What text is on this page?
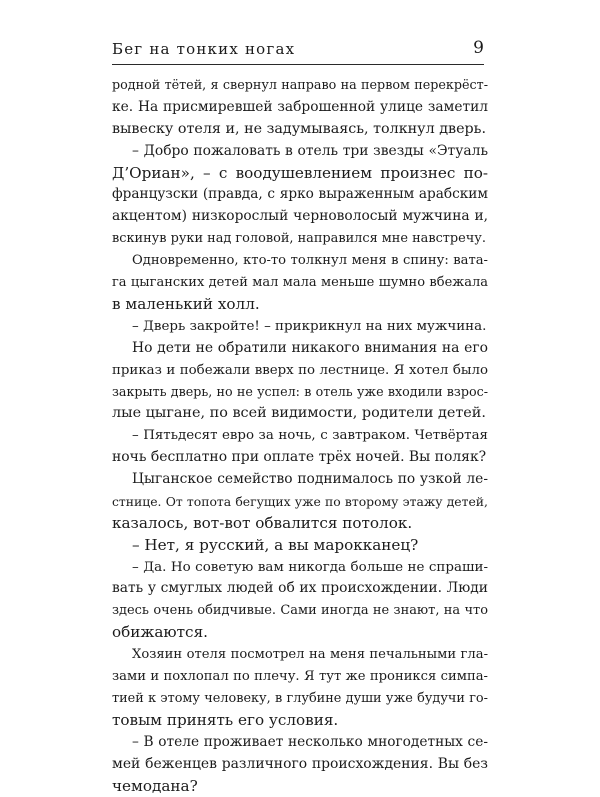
Бег на тонких ногах	9
родной тётей, я свернул направо на первом перекрёст-
ке. На присмиревшей заброшенной улице заметил
вывеску отеля и, не задумываясь, толкнул дверь.
– Добро пожаловать в отель три звезды «Этуаль
Д’Ориан», – с воодушевлением произнес по-
французски (правда, с ярко выраженным арабским
акцентом) низкорослый черноволосый мужчина и,
вскинув руки над головой, направился мне навстречу.
Одновременно, кто-то толкнул меня в спину: вата-
га цыганских детей мал мала меньше шумно вбежала
в маленький холл.
– Дверь закройте! – прикрикнул на них мужчина.
Но дети не обратили никакого внимания на его
приказ и побежали вверх по лестнице. Я хотел было
закрыть дверь, но не успел: в отель уже входили взрос-
лые цыгане, по всей видимости, родители детей.
– Пятьдесят евро за ночь, с завтраком. Четвёртая
ночь бесплатно при оплате трёх ночей. Вы поляк?
Цыганское семейство поднималось по узкой ле-
стнице. От топота бегущих уже по второму этажу детей,
казалось, вот-вот обвалится потолок.
– Нет, я русский, а вы марокканец?
– Да. Но советую вам никогда больше не спраши-
вать у смуглых людей об их происхождении. Люди
здесь очень обидчивые. Сами иногда не знают, на что
обижаются.
Хозяин отеля посмотрел на меня печальными гла-
зами и похлопал по плечу. Я тут же проникся симпа-
тией к этому человеку, в глубине души уже будучи го-
товым принять его условия.
– В отеле проживает несколько многодетных се-
мей беженцев различного происхождения. Вы без
чемодана?
